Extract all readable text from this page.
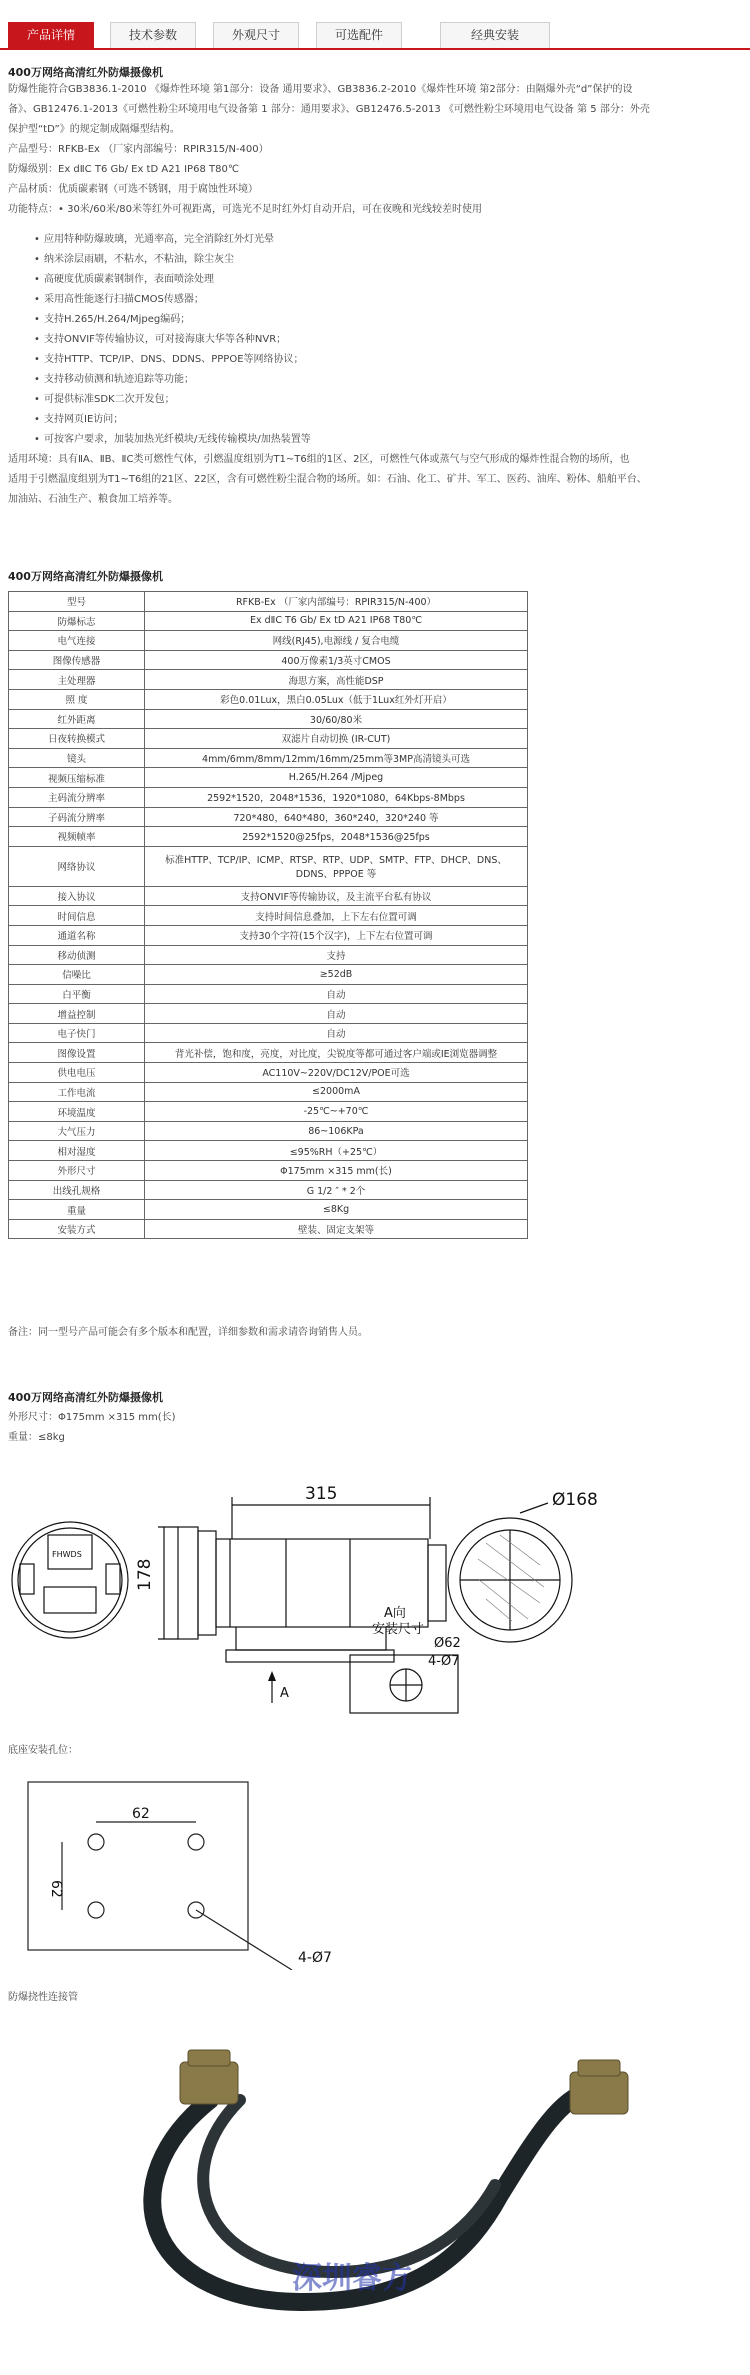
产品详情	技术参数	外观尺寸	可选配件	经典安装
400万网络高清红外防爆摄像机
防爆性能符合GB3836.1-2010 《爆炸性环境 第1部分：设备 通用要求》、GB3836.2-2010《爆炸性环境 第2部分：由隔爆外壳“d”保护的设
备》、GB12476.1-2013《可燃性粉尘环境用电气设备第 1 部分：通用要求》、GB12476.5-2013 《可燃性粉尘环境用电气设备 第 5 部分：外壳
保护型“tD”》的规定制成隔爆型结构。
产品型号：RFKB-Ex （厂家内部编号：RPIR315/N-400）
防爆级别：Ex dⅡC T6 Gb/ Ex tD A21 IP68 T80℃
产品材质：优质碳素钢（可选不锈钢，用于腐蚀性环境）
功能特点：• 30米/60米/80米等红外可视距离，可选光不足时红外灯自动开启，可在夜晚和光线较差时使用
• 应用特种防爆玻璃，光通率高，完全消除红外灯光晕
• 纳米涂层雨刷，不粘水，不粘油，除尘灰尘
• 高硬度优质碳素钢制作，表面喷涂处理
• 采用高性能逐行扫描CMOS传感器；
• 支持H.265/H.264/Mjpeg编码；
• 支持ONVIF等传输协议，可对接海康大华等各种NVR；
• 支持HTTP、TCP/IP、DNS、DDNS、PPPOE等网络协议；
• 支持移动侦测和轨迹追踪等功能；
• 可提供标准SDK二次开发包；
• 支持网页IE访问；
• 可按客户要求，加装加热光纤模块/无线传输模块/加热装置等
适用环境：具有ⅡA、ⅡB、ⅡC类可燃性气体，引燃温度组别为T1~T6组的1区、2区，可燃性气体或蒸气与空气形成的爆炸性混合物的场所，也
适用于引燃温度组别为T1~T6组的21区、22区，含有可燃性粉尘混合物的场所。如：石油、化工、矿井、军工、医药、油库、粉体、船舶平台、
加油站、石油生产、粮食加工培养等。
400万网络高清红外防爆摄像机
型号	RFKB-Ex （厂家内部编号：RPIR315/N-400）
防爆标志	Ex dⅡC T6 Gb/ Ex tD A21 IP68 T80℃
电气连接	网线(RJ45),电源线 / 复合电缆
图像传感器	400万像素1/3英寸CMOS
主处理器	海思方案，高性能DSP
照 度	彩色0.01Lux，黑白0.05Lux（低于1Lux红外灯开启）
红外距离	30/60/80米
日夜转换模式	双滤片自动切换 (IR-CUT)
镜头	4mm/6mm/8mm/12mm/16mm/25mm等3MP高清镜头可选
视频压缩标准	H.265/H.264 /Mjpeg
主码流分辨率	2592*1520，2048*1536，1920*1080，64Kbps-8Mbps
子码流分辨率	720*480，640*480，360*240，320*240 等
视频帧率	2592*1520@25fps，2048*1536@25fps
网络协议	标准HTTP、TCP/IP、ICMP、RTSP、RTP、UDP、SMTP、FTP、DHCP、DNS、
DDNS、PPPOE 等

接入协议	支持ONVIF等传输协议，及主流平台私有协议
时间信息	支持时间信息叠加，上下左右位置可调
通道名称	支持30个字符(15个汉字)，上下左右位置可调
移动侦测	支持
信噪比	≥52dB
白平衡	自动
增益控制	自动
电子快门	自动
图像设置	背光补偿，饱和度，亮度，对比度，尖锐度等都可通过客户端或IE浏览器调整
供电电压	AC110V~220V/DC12V/POE可选
工作电流	≤2000mA
环境温度	-25℃~+70℃
大气压力	86~106KPa
相对湿度	≤95%RH（+25℃）
外形尺寸	Φ175mm ×315 mm(长)
出线孔规格	G 1/2 ″ * 2个
重量	≤8Kg
安装方式	壁装、固定支架等
备注：同一型号产品可能会有多个版本和配置，详细参数和需求请咨询销售人员。
400万网络高清红外防爆摄像机
外形尺寸：Φ175mm ×315 mm(长)
重量：≤8kg
315
178
Ø168
A
A向
安装尺寸
Ø62
4-Ø7
FHWDS
底座安装孔位：
62
62
4-Ø7
防爆挠性连接管
深圳睿方
